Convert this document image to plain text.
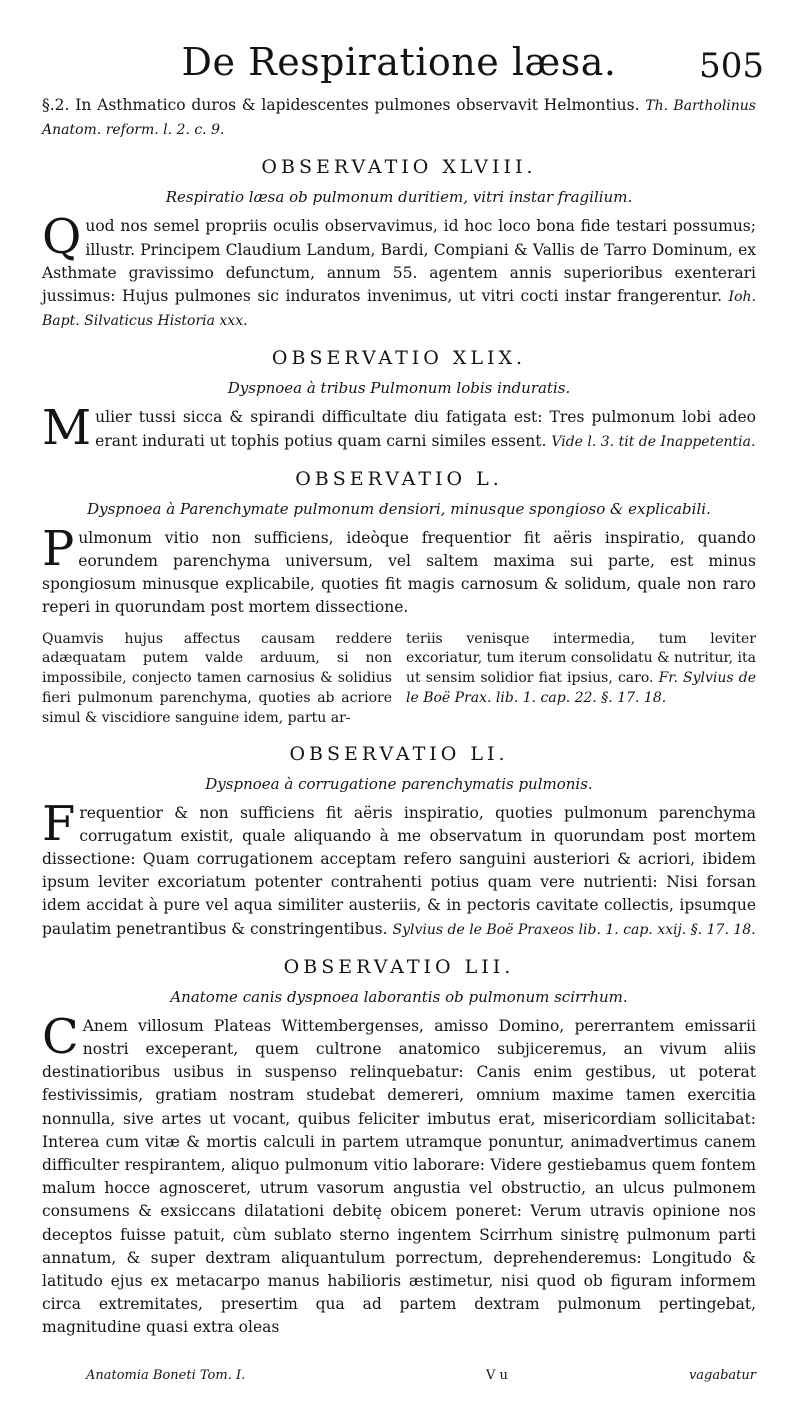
De Respiratione læsa.	505

§.2. In Asthmatico duros & lapidescentes pulmones observavit Helmontius. Th. Bartholinus Anatom. reform. l. 2. c. 9.

OBSERVATIO XLVIII.
Respiratio læsa ob pulmonum duritiem, vitri instar fragilium.

Q uod nos semel propriis oculis observavimus, id hoc loco bona fide testari possumus; illustr. Principem Claudium Landum, Bardi, Compiani & Vallis de Tarro Dominum, ex Asthmate gravissimo defunctum, annum 55. agentem annis superioribus exenterari jussimus: Hujus pulmones sic induratos invenimus, ut vitri cocti instar frangerentur. Ioh. Bapt. Silvaticus Historia xxx.

OBSERVATIO XLIX.
Dyspnoea à tribus Pulmonum lobis induratis.

M ulier tussi sicca & spirandi difficultate diu fatigata est: Tres pulmonum lobi adeo erant indurati ut tophis potius quam carni similes essent. Vide l. 3. tit de Inappetentia.

OBSERVATIO L.
Dyspnoea à Parenchymate pulmonum densiori, minusque spongioso & explicabili.

P ulmonum vitio non sufficiens, ideòque frequentior fit aëris inspiratio, quando eorundem parenchyma universum, vel saltem maxima sui parte, est minus spongiosum minusque explicabile, quoties fit magis carnosum & solidum, quale non raro reperi in quorundam post mortem dissectione.

Quamvis hujus affectus causam reddere adæquatam putem valde arduum, si non impossibile, conjecto tamen carnosius & solidius fieri pulmonum parenchyma, quoties ab acriore simul & viscidiore sanguine idem, partu ar-

teriis venisque intermedia, tum leviter excoriatur, tum iterum consolidatu & nutritur, ita ut sensim solidior fiat ipsius, caro. Fr. Sylvius de le Boë Prax. lib. 1. cap. 22. §. 17. 18.

OBSERVATIO LI.
Dyspnoea à corrugatione parenchymatis pulmonis.

F requentior & non sufficiens fit aëris inspiratio, quoties pulmonum parenchyma corrugatum existit, quale aliquando à me observatum in quorundam post mortem dissectione: Quam corrugationem acceptam refero sanguini austeriori & acriori, ibidem ipsum leviter excoriatum potenter contrahenti potius quam vere nutrienti: Nisi forsan idem accidat à pure vel aqua similiter austeriis, & in pectoris cavitate collectis, ipsumque paulatim penetrantibus & constringentibus. Sylvius de le Boë Praxeos lib. 1. cap. xxij. §. 17. 18.

OBSERVATIO LII.
Anatome canis dyspnoea laborantis ob pulmonum scirrhum.

C Anem villosum Plateas Wittembergenses, amisso Domino, pererrantem emissarii nostri exceperant, quem cultrone anatomico subjiceremus, an vivum aliis destinatioribus usibus in suspenso relinquebatur: Canis enim gestibus, ut poterat festivissimis, gratiam nostram studebat demereri, omnium maxime tamen exercitia nonnulla, sive artes ut vocant, quibus feliciter imbutus erat, misericordiam sollicitabat: Interea cum vitæ & mortis calculi in partem utramque ponuntur, animadvertimus canem difficulter respirantem, aliquo pulmonum vitio laborare: Videre gestiebamus quem fontem malum hocce agnosceret, utrum vasorum angustia vel obstructio, an ulcus pulmonem consumens & exsiccans dilatationi debitę obicem poneret: Verum utravis opinione nos deceptos fuisse patuit, cùm sublato sterno ingentem Scirrhum sinistrę pulmonum parti annatum, & super dextram aliquantulum porrectum, deprehenderemus: Longitudo & latitudo ejus ex metacarpo manus habilioris æstimetur, nisi quod ob figuram informem circa extremitates, presertim qua ad partem dextram pulmonum pertingebat, magnitudine quasi extra oleas

Anatomia Boneti Tom. I.	V u	vagabatur
